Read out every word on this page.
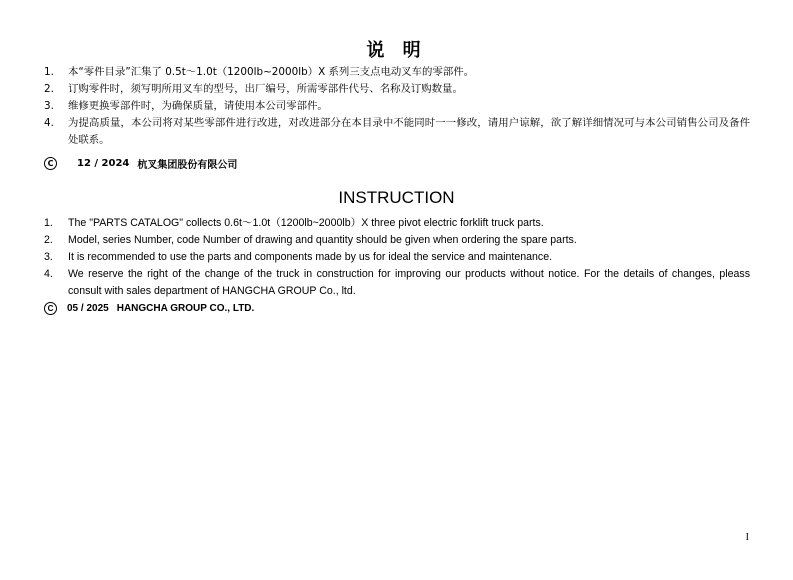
说 明
1.	本“零件目录”汇集了 0.5t～1.0t（1200lb~2000lb）X 系列三支点电动叉车的零部件。
2.	订购零件时，须写明所用叉车的型号，出厂编号，所需零部件代号、名称及订购数量。
3.	维修更换零部件时，为确保质量，请使用本公司零部件。
4.	为提高质量，本公司将对某些零部件进行改进，对改进部分在本目录中不能同时一一修改，请用户谅解，欲了解详细情况可与本公司销售公司及备件处联系。
C	12 / 2024 杭叉集团股份有限公司
INSTRUCTION
1.	The "PARTS CATALOG" collects 0.6t～1.0t（1200lb~2000lb）X three pivot electric forklift truck parts.
2.	Model, series Number, code Number of drawing and quantity should be given when ordering the spare parts.
3.	It is recommended to use the parts and components made by us for ideal the service and maintenance.
4.	We reserve the right of the change of the truck in construction for improving our products without notice. For the details of changes, pleass consult with sales department of HANGCHA GROUP Co., ltd.
C	05 / 2025 HANGCHA GROUP CO., LTD.
I
